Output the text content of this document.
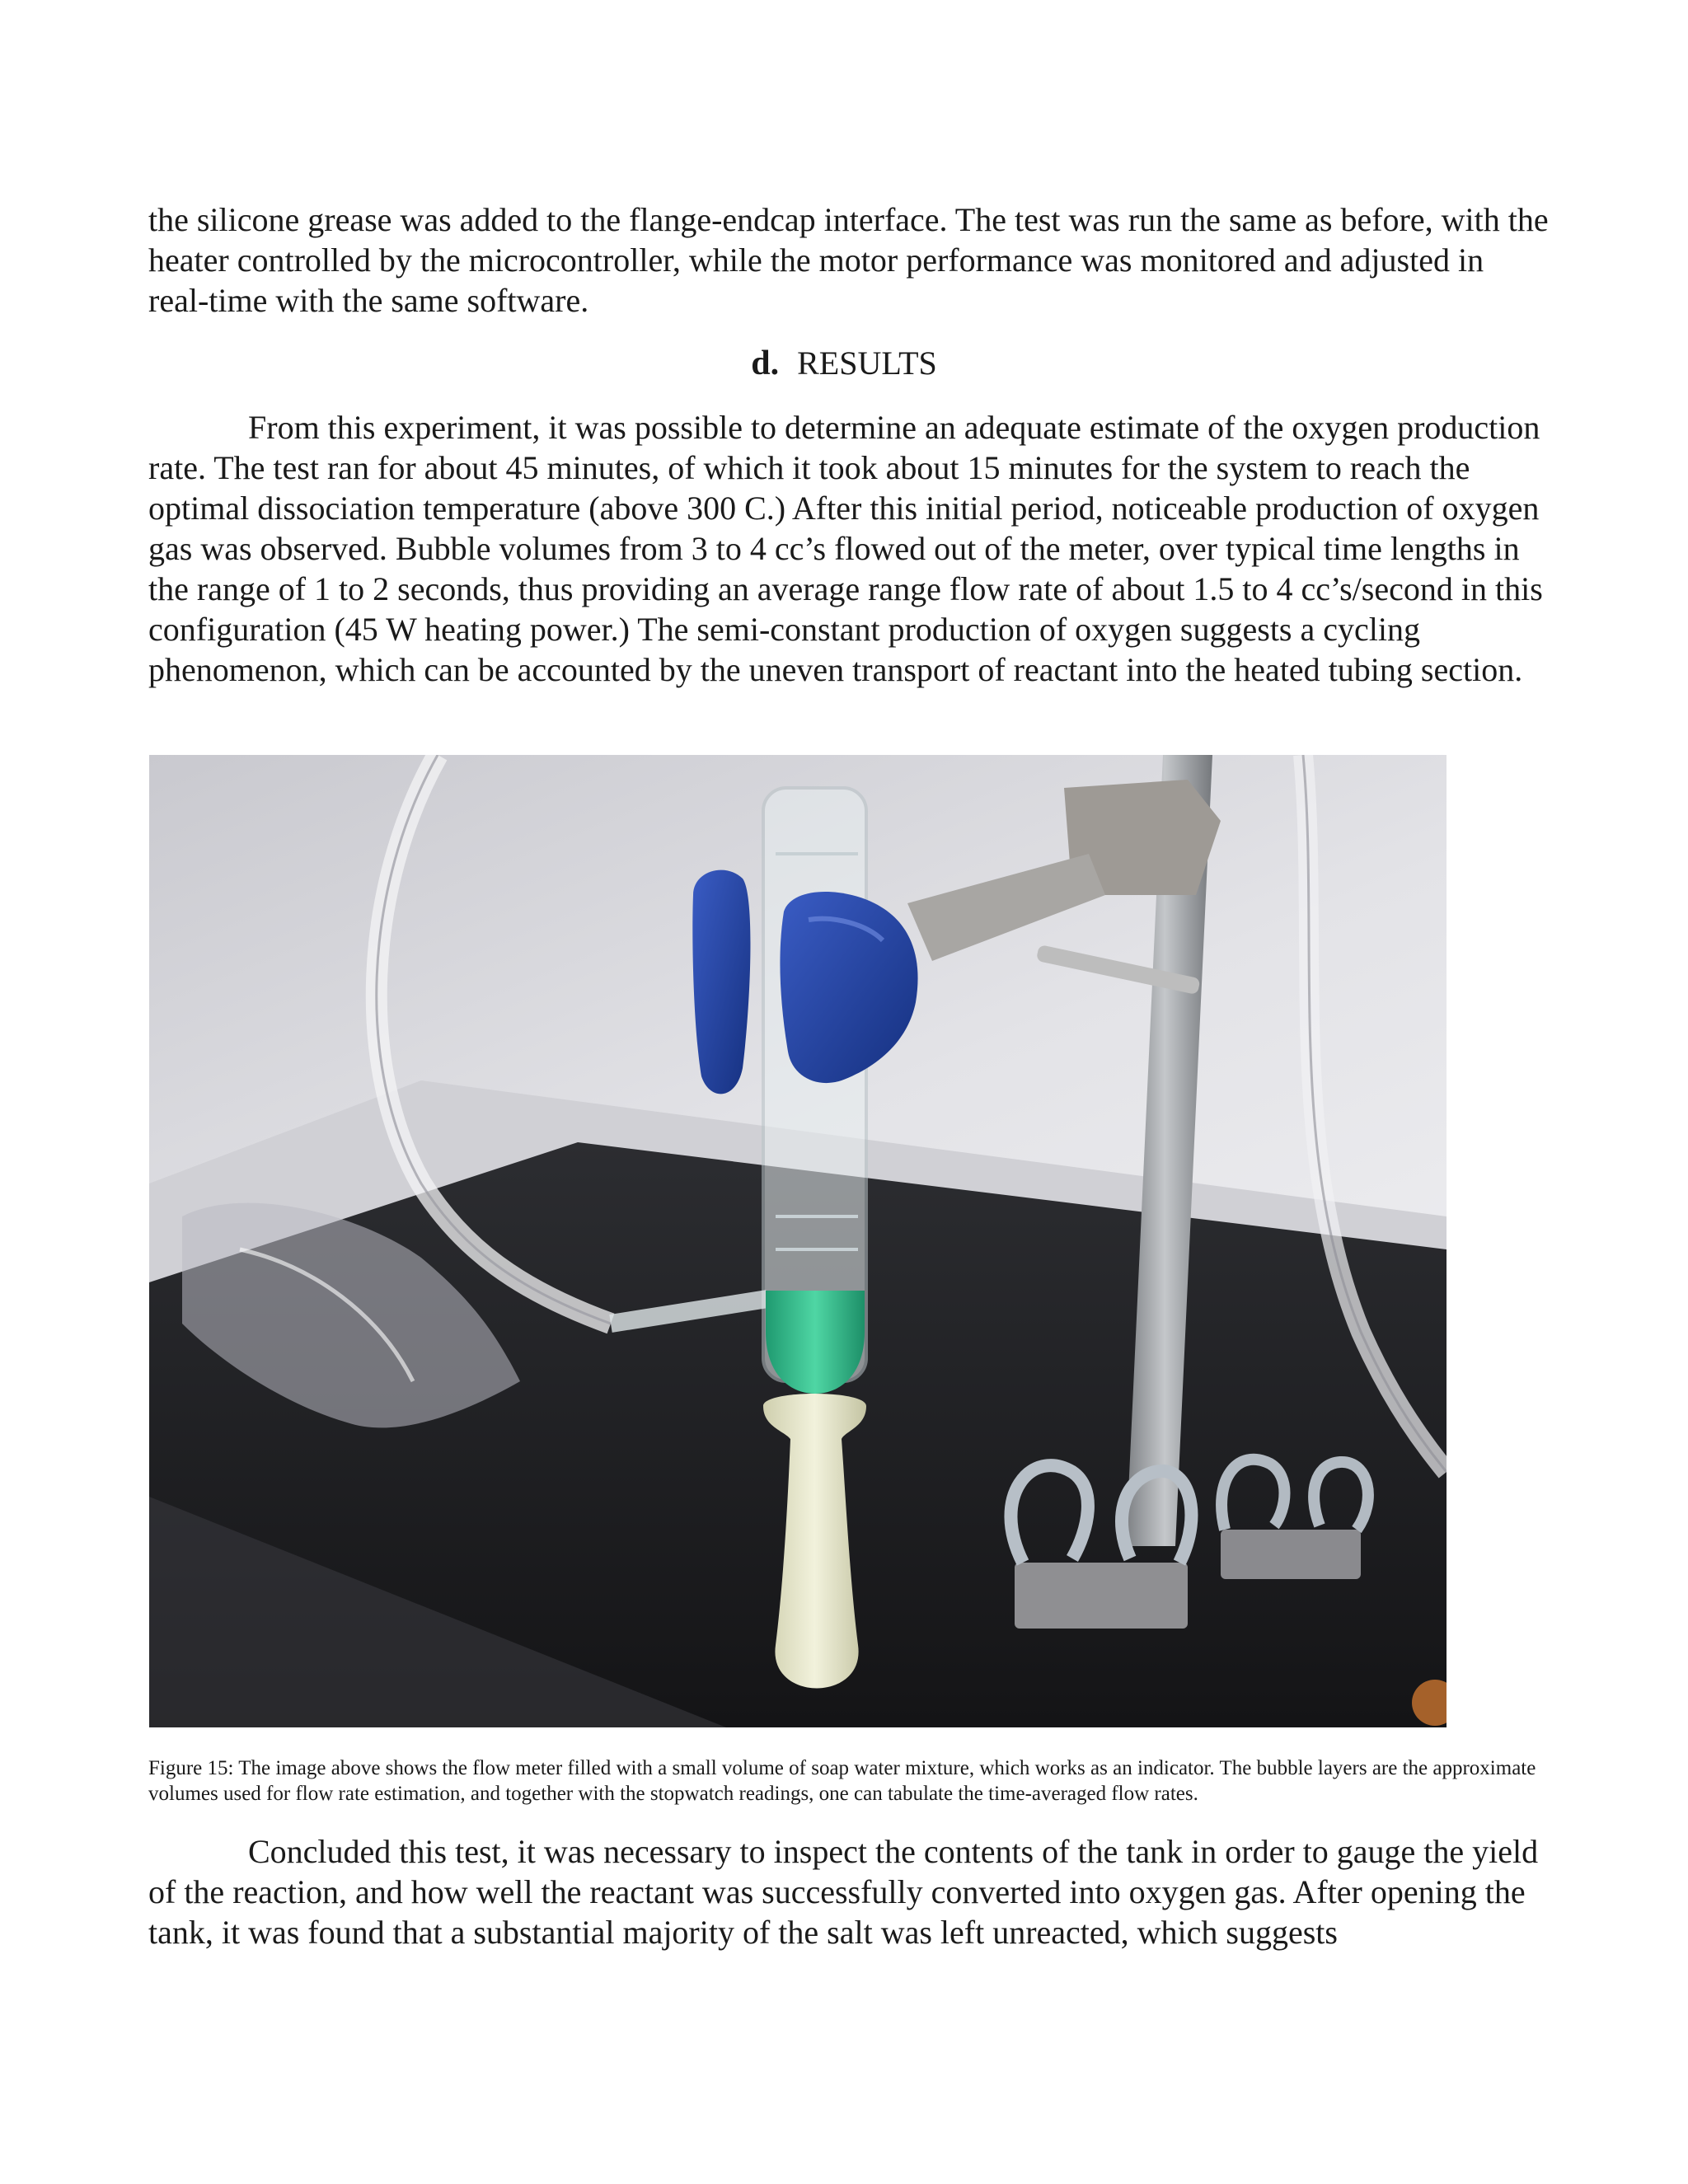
the silicone grease was added to the flange-endcap interface. The test was run the same as before, with the heater controlled by the microcontroller, while the motor performance was monitored and adjusted in real-time with the same software.

d. RESULTS

From this experiment, it was possible to determine an adequate estimate of the oxygen production rate. The test ran for about 45 minutes, of which it took about 15 minutes for the system to reach the optimal dissociation temperature (above 300 C.) After this initial period, noticeable production of oxygen gas was observed. Bubble volumes from 3 to 4 cc’s flowed out of the meter, over typical time lengths in the range of 1 to 2 seconds, thus providing an average range flow rate of about 1.5 to 4 cc’s/second in this configuration (45 W heating power.) The semi-constant production of oxygen suggests a cycling phenomenon, which can be accounted by the uneven transport of reactant into the heated tubing section.

Figure 15: The image above shows the flow meter filled with a small volume of soap water mixture, which works as an indicator. The bubble layers are the approximate volumes used for flow rate estimation, and together with the stopwatch readings, one can tabulate the time-averaged flow rates.

Concluded this test, it was necessary to inspect the contents of the tank in order to gauge the yield of the reaction, and how well the reactant was successfully converted into oxygen gas. After opening the tank, it was found that a substantial majority of the salt was left unreacted, which suggests
